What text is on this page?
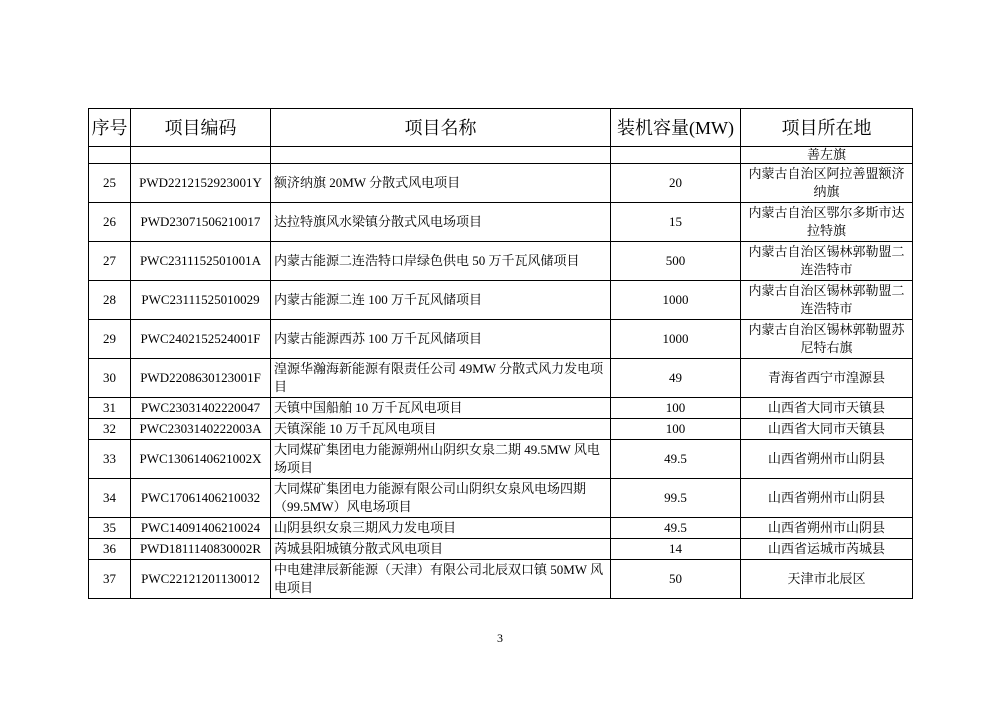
序号	项目编码	项目名称	装机容量(MW)	项目所在地
				善左旗
25	PWD2212152923001Y	额济纳旗 20MW 分散式风电项目	20	内蒙古自治区阿拉善盟额济纳旗
26	PWD23071506210017	达拉特旗风水梁镇分散式风电场项目	15	内蒙古自治区鄂尔多斯市达拉特旗
27	PWC2311152501001A	内蒙古能源二连浩特口岸绿色供电 50 万千瓦风储项目	500	内蒙古自治区锡林郭勒盟二连浩特市
28	PWC23111525010029	内蒙古能源二连 100 万千瓦风储项目	1000	内蒙古自治区锡林郭勒盟二连浩特市
29	PWC2402152524001F	内蒙古能源西苏 100 万千瓦风储项目	1000	内蒙古自治区锡林郭勒盟苏尼特右旗
30	PWD2208630123001F	湟源华瀚海新能源有限责任公司 49MW 分散式风力发电项目	49	青海省西宁市湟源县
31	PWC23031402220047	天镇中国船舶 10 万千瓦风电项目	100	山西省大同市天镇县
32	PWC2303140222003A	天镇深能 10 万千瓦风电项目	100	山西省大同市天镇县
33	PWC1306140621002X	大同煤矿集团电力能源朔州山阴织女泉二期 49.5MW 风电场项目	49.5	山西省朔州市山阴县
34	PWC17061406210032	大同煤矿集团电力能源有限公司山阴织女泉风电场四期（99.5MW）风电场项目	99.5	山西省朔州市山阴县
35	PWC14091406210024	山阴县织女泉三期风力发电项目	49.5	山西省朔州市山阴县
36	PWD1811140830002R	芮城县阳城镇分散式风电项目	14	山西省运城市芮城县
37	PWC22121201130012	中电建津辰新能源（天津）有限公司北辰双口镇 50MW 风电项目	50	天津市北辰区
3
